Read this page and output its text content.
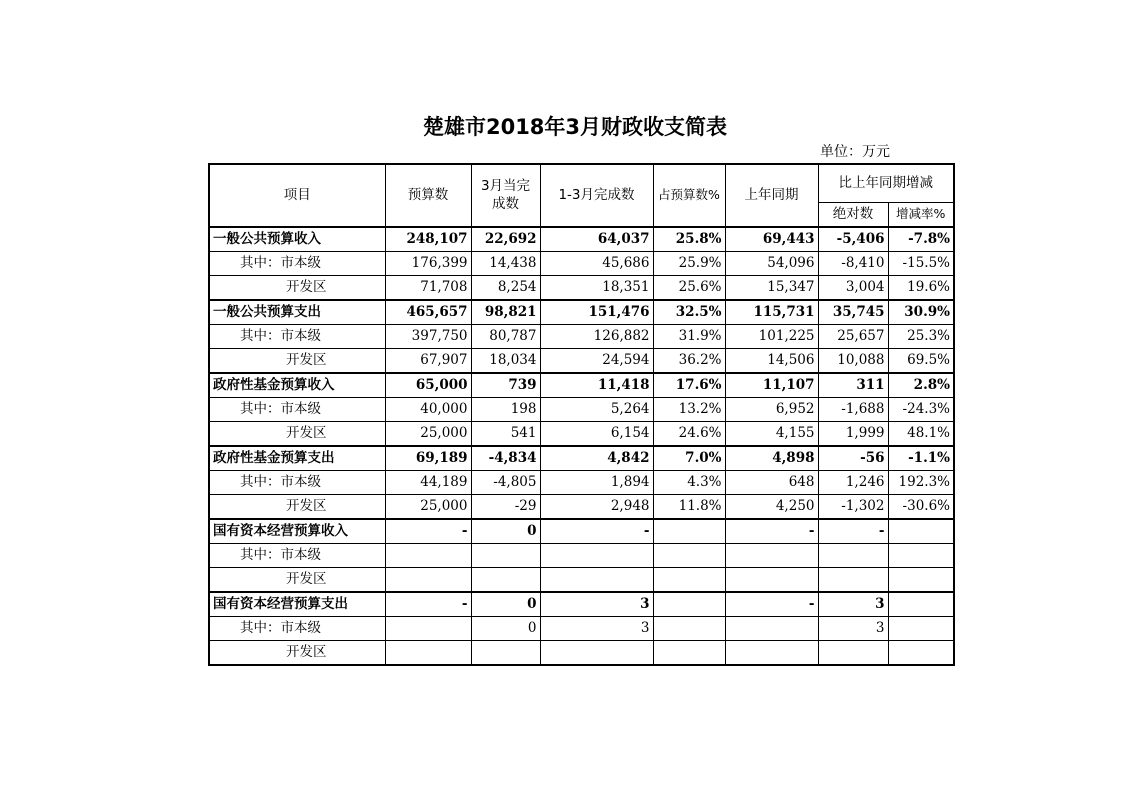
楚雄市2018年3月财政收支简表
单位：万元
项目	预算数	3月当完成数	1-3月完成数	占预算数%	上年同期	比上年同期增减	
						绝对数	增减率%
一般公共预算收入	248,107	22,692	64,037	25.8%	69,443	-5,406	-7.8%
其中：市本级	176,399	14,438	45,686	25.9%	54,096	-8,410	-15.5%
开发区	71,708	8,254	18,351	25.6%	15,347	3,004	19.6%
一般公共预算支出	465,657	98,821	151,476	32.5%	115,731	35,745	30.9%
其中：市本级	397,750	80,787	126,882	31.9%	101,225	25,657	25.3%
开发区	67,907	18,034	24,594	36.2%	14,506	10,088	69.5%
政府性基金预算收入	65,000	739	11,418	17.6%	11,107	311	2.8%
其中：市本级	40,000	198	5,264	13.2%	6,952	-1,688	-24.3%
开发区	25,000	541	6,154	24.6%	4,155	1,999	48.1%
政府性基金预算支出	69,189	-4,834	4,842	7.0%	4,898	-56	-1.1%
其中：市本级	44,189	-4,805	1,894	4.3%	648	1,246	192.3%
开发区	25,000	-29	2,948	11.8%	4,250	-1,302	-30.6%
国有资本经营预算收入	-	0	-		-	-	
其中：市本级							
开发区							
国有资本经营预算支出	-	0	3		-	3	
其中：市本级		0	3			3	
开发区							
